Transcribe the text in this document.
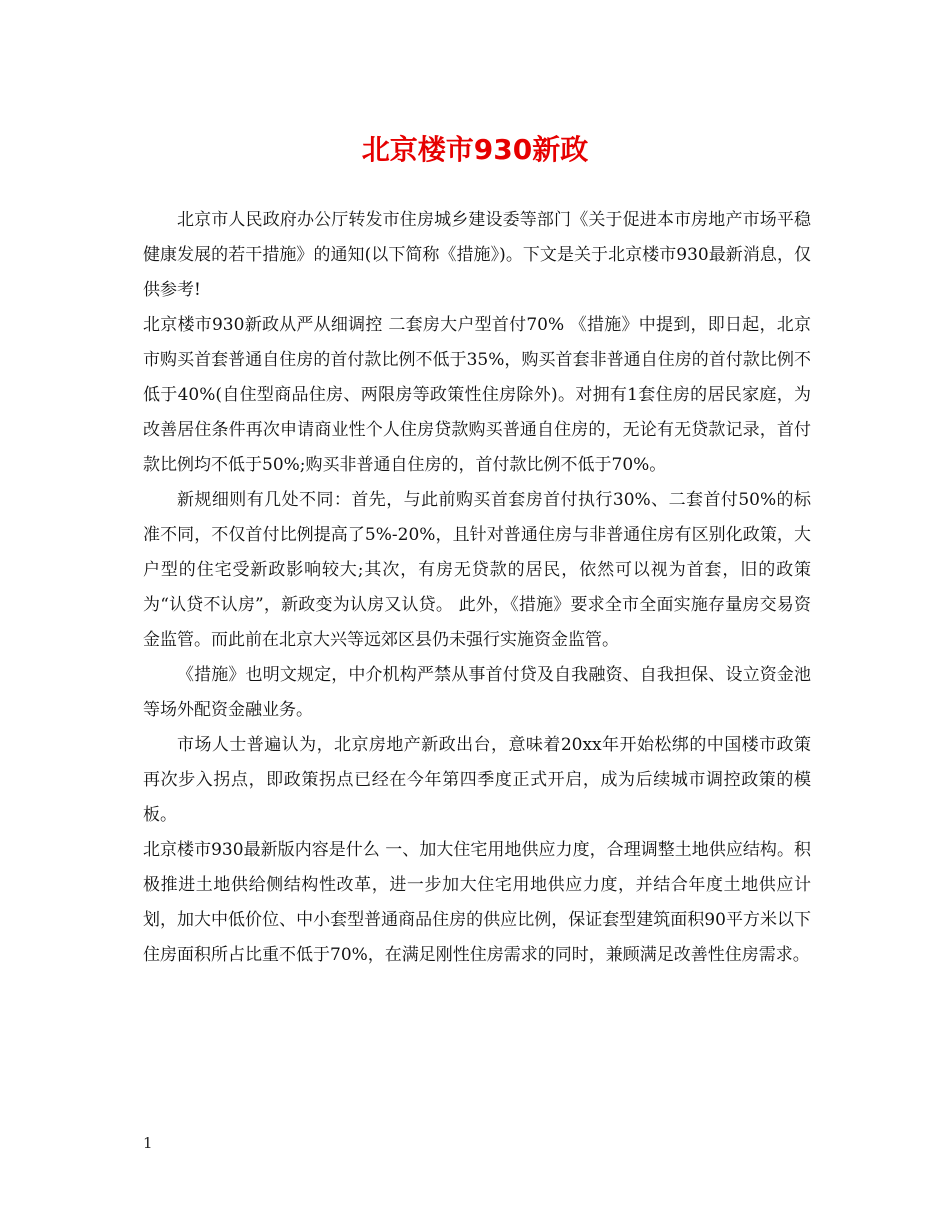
北京楼市930新政

北京市人民政府办公厅转发市住房城乡建设委等部门《关于促进本市房地产市场平稳健康发展的若干措施》的通知(以下简称《措施》)。下文是关于北京楼市930最新消息，仅供参考!

北京楼市930新政从严从细调控 二套房大户型首付70% 《措施》中提到，即日起，北京市购买首套普通自住房的首付款比例不低于35%，购买首套非普通自住房的首付款比例不低于40%(自住型商品住房、两限房等政策性住房除外)。对拥有1套住房的居民家庭，为改善居住条件再次申请商业性个人住房贷款购买普通自住房的，无论有无贷款记录，首付款比例均不低于50%;购买非普通自住房的，首付款比例不低于70%。

新规细则有几处不同：首先，与此前购买首套房首付执行30%、二套首付50%的标准不同，不仅首付比例提高了5%-20%，且针对普通住房与非普通住房有区别化政策，大户型的住宅受新政影响较大;其次，有房无贷款的居民，依然可以视为首套，旧的政策为“认贷不认房”，新政变为认房又认贷。 此外，《措施》要求全市全面实施存量房交易资金监管。而此前在北京大兴等远郊区县仍未强行实施资金监管。

《措施》也明文规定，中介机构严禁从事首付贷及自我融资、自我担保、设立资金池等场外配资金融业务。

市场人士普遍认为，北京房地产新政出台，意味着20xx年开始松绑的中国楼市政策再次步入拐点，即政策拐点已经在今年第四季度正式开启，成为后续城市调控政策的模板。

北京楼市930最新版内容是什么 一、加大住宅用地供应力度，合理调整土地供应结构。积极推进土地供给侧结构性改革，进一步加大住宅用地供应力度，并结合年度土地供应计划，加大中低价位、中小套型普通商品住房的供应比例，保证套型建筑面积90平方米以下住房面积所占比重不低于70%，在满足刚性住房需求的同时，兼顾满足改善性住房需求。

1
